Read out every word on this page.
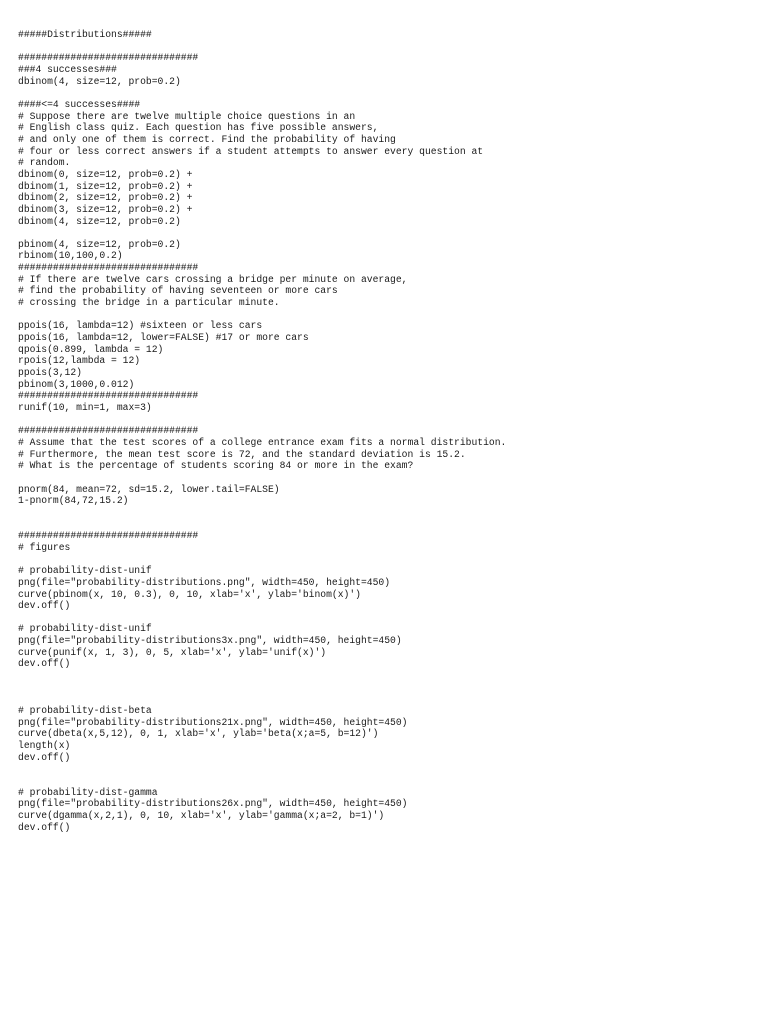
#####Distributions#####
###############################
###4 successes###
dbinom(4, size=12, prob=0.2)
####<=4 successes####
# Suppose there are twelve multiple choice questions in an
# English class quiz. Each question has five possible answers,
# and only one of them is correct. Find the probability of having
# four or less correct answers if a student attempts to answer every question at
# random.
dbinom(0, size=12, prob=0.2) +
dbinom(1, size=12, prob=0.2) +
dbinom(2, size=12, prob=0.2) +
dbinom(3, size=12, prob=0.2) +
dbinom(4, size=12, prob=0.2)
pbinom(4, size=12, prob=0.2)
rbinom(10,100,0.2)
###############################
# If there are twelve cars crossing a bridge per minute on average,
# find the probability of having seventeen or more cars
# crossing the bridge in a particular minute.
ppois(16, lambda=12) #sixteen or less cars
ppois(16, lambda=12, lower=FALSE) #17 or more cars
qpois(0.899, lambda = 12)
rpois(12,lambda = 12)
ppois(3,12)
pbinom(3,1000,0.012)
###############################
runif(10, min=1, max=3)
###############################
# Assume that the test scores of a college entrance exam fits a normal distribution.
# Furthermore, the mean test score is 72, and the standard deviation is 15.2.
# What is the percentage of students scoring 84 or more in the exam?
pnorm(84, mean=72, sd=15.2, lower.tail=FALSE)
1-pnorm(84,72,15.2)
###############################
# figures
# probability-dist-unif
png(file="probability-distributions.png", width=450, height=450)
curve(pbinom(x, 10, 0.3), 0, 10, xlab='x', ylab='binom(x)')
dev.off()
# probability-dist-unif
png(file="probability-distributions3x.png", width=450, height=450)
curve(punif(x, 1, 3), 0, 5, xlab='x', ylab='unif(x)')
dev.off()
# probability-dist-beta
png(file="probability-distributions21x.png", width=450, height=450)
curve(dbeta(x,5,12), 0, 1, xlab='x', ylab='beta(x;a=5, b=12)')
length(x)
dev.off()
# probability-dist-gamma
png(file="probability-distributions26x.png", width=450, height=450)
curve(dgamma(x,2,1), 0, 10, xlab='x', ylab='gamma(x;a=2, b=1)')
dev.off()
